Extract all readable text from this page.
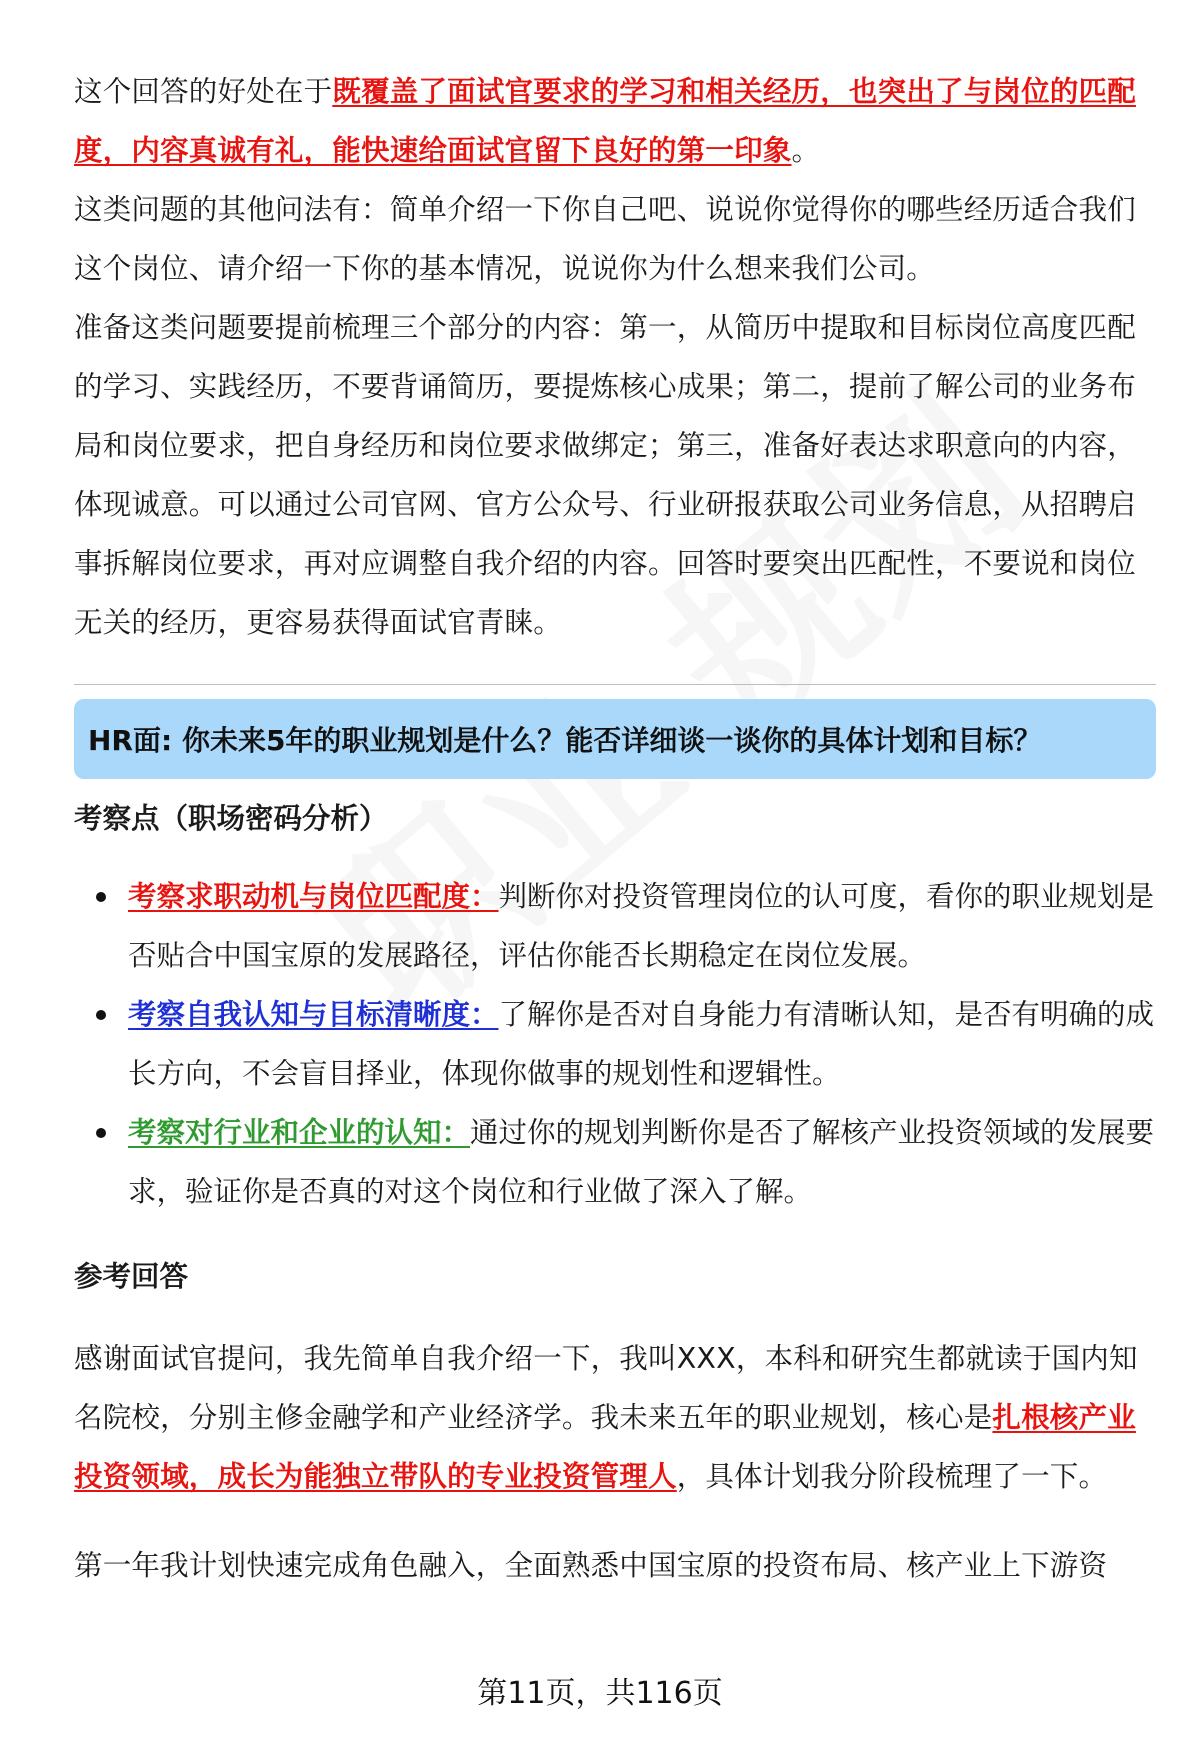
这个回答的好处在于既覆盖了面试官要求的学习和相关经历，也突出了与岗位的匹配度，内容真诚有礼，能快速给面试官留下良好的第一印象。

这类问题的其他问法有：简单介绍一下你自己吧、说说你觉得你的哪些经历适合我们这个岗位、请介绍一下你的基本情况，说说你为什么想来我们公司。

准备这类问题要提前梳理三个部分的内容：第一，从简历中提取和目标岗位高度匹配的学习、实践经历，不要背诵简历，要提炼核心成果；第二，提前了解公司的业务布局和岗位要求，把自身经历和岗位要求做绑定；第三，准备好表达求职意向的内容，体现诚意。可以通过公司官网、官方公众号、行业研报获取公司业务信息，从招聘启事拆解岗位要求，再对应调整自我介绍的内容。回答时要突出匹配性，不要说和岗位无关的经历，更容易获得面试官青睐。

HR面: 你未来5年的职业规划是什么？能否详细谈一谈你的具体计划和目标？

考察点（职场密码分析）

考察求职动机与岗位匹配度：判断你对投资管理岗位的认可度，看你的职业规划是否贴合中国宝原的发展路径，评估你能否长期稳定在岗位发展。
考察自我认知与目标清晰度：了解你是否对自身能力有清晰认知，是否有明确的成长方向，不会盲目择业，体现你做事的规划性和逻辑性。
考察对行业和企业的认知：通过你的规划判断你是否了解核产业投资领域的发展要求，验证你是否真的对这个岗位和行业做了深入了解。

参考回答

感谢面试官提问，我先简单自我介绍一下，我叫XXX，本科和研究生都就读于国内知名院校，分别主修金融学和产业经济学。我未来五年的职业规划，核心是扎根核产业投资领域，成长为能独立带队的专业投资管理人，具体计划我分阶段梳理了一下。

第一年我计划快速完成角色融入，全面熟悉中国宝原的投资布局、核产业上下游资

第11页，共116页
